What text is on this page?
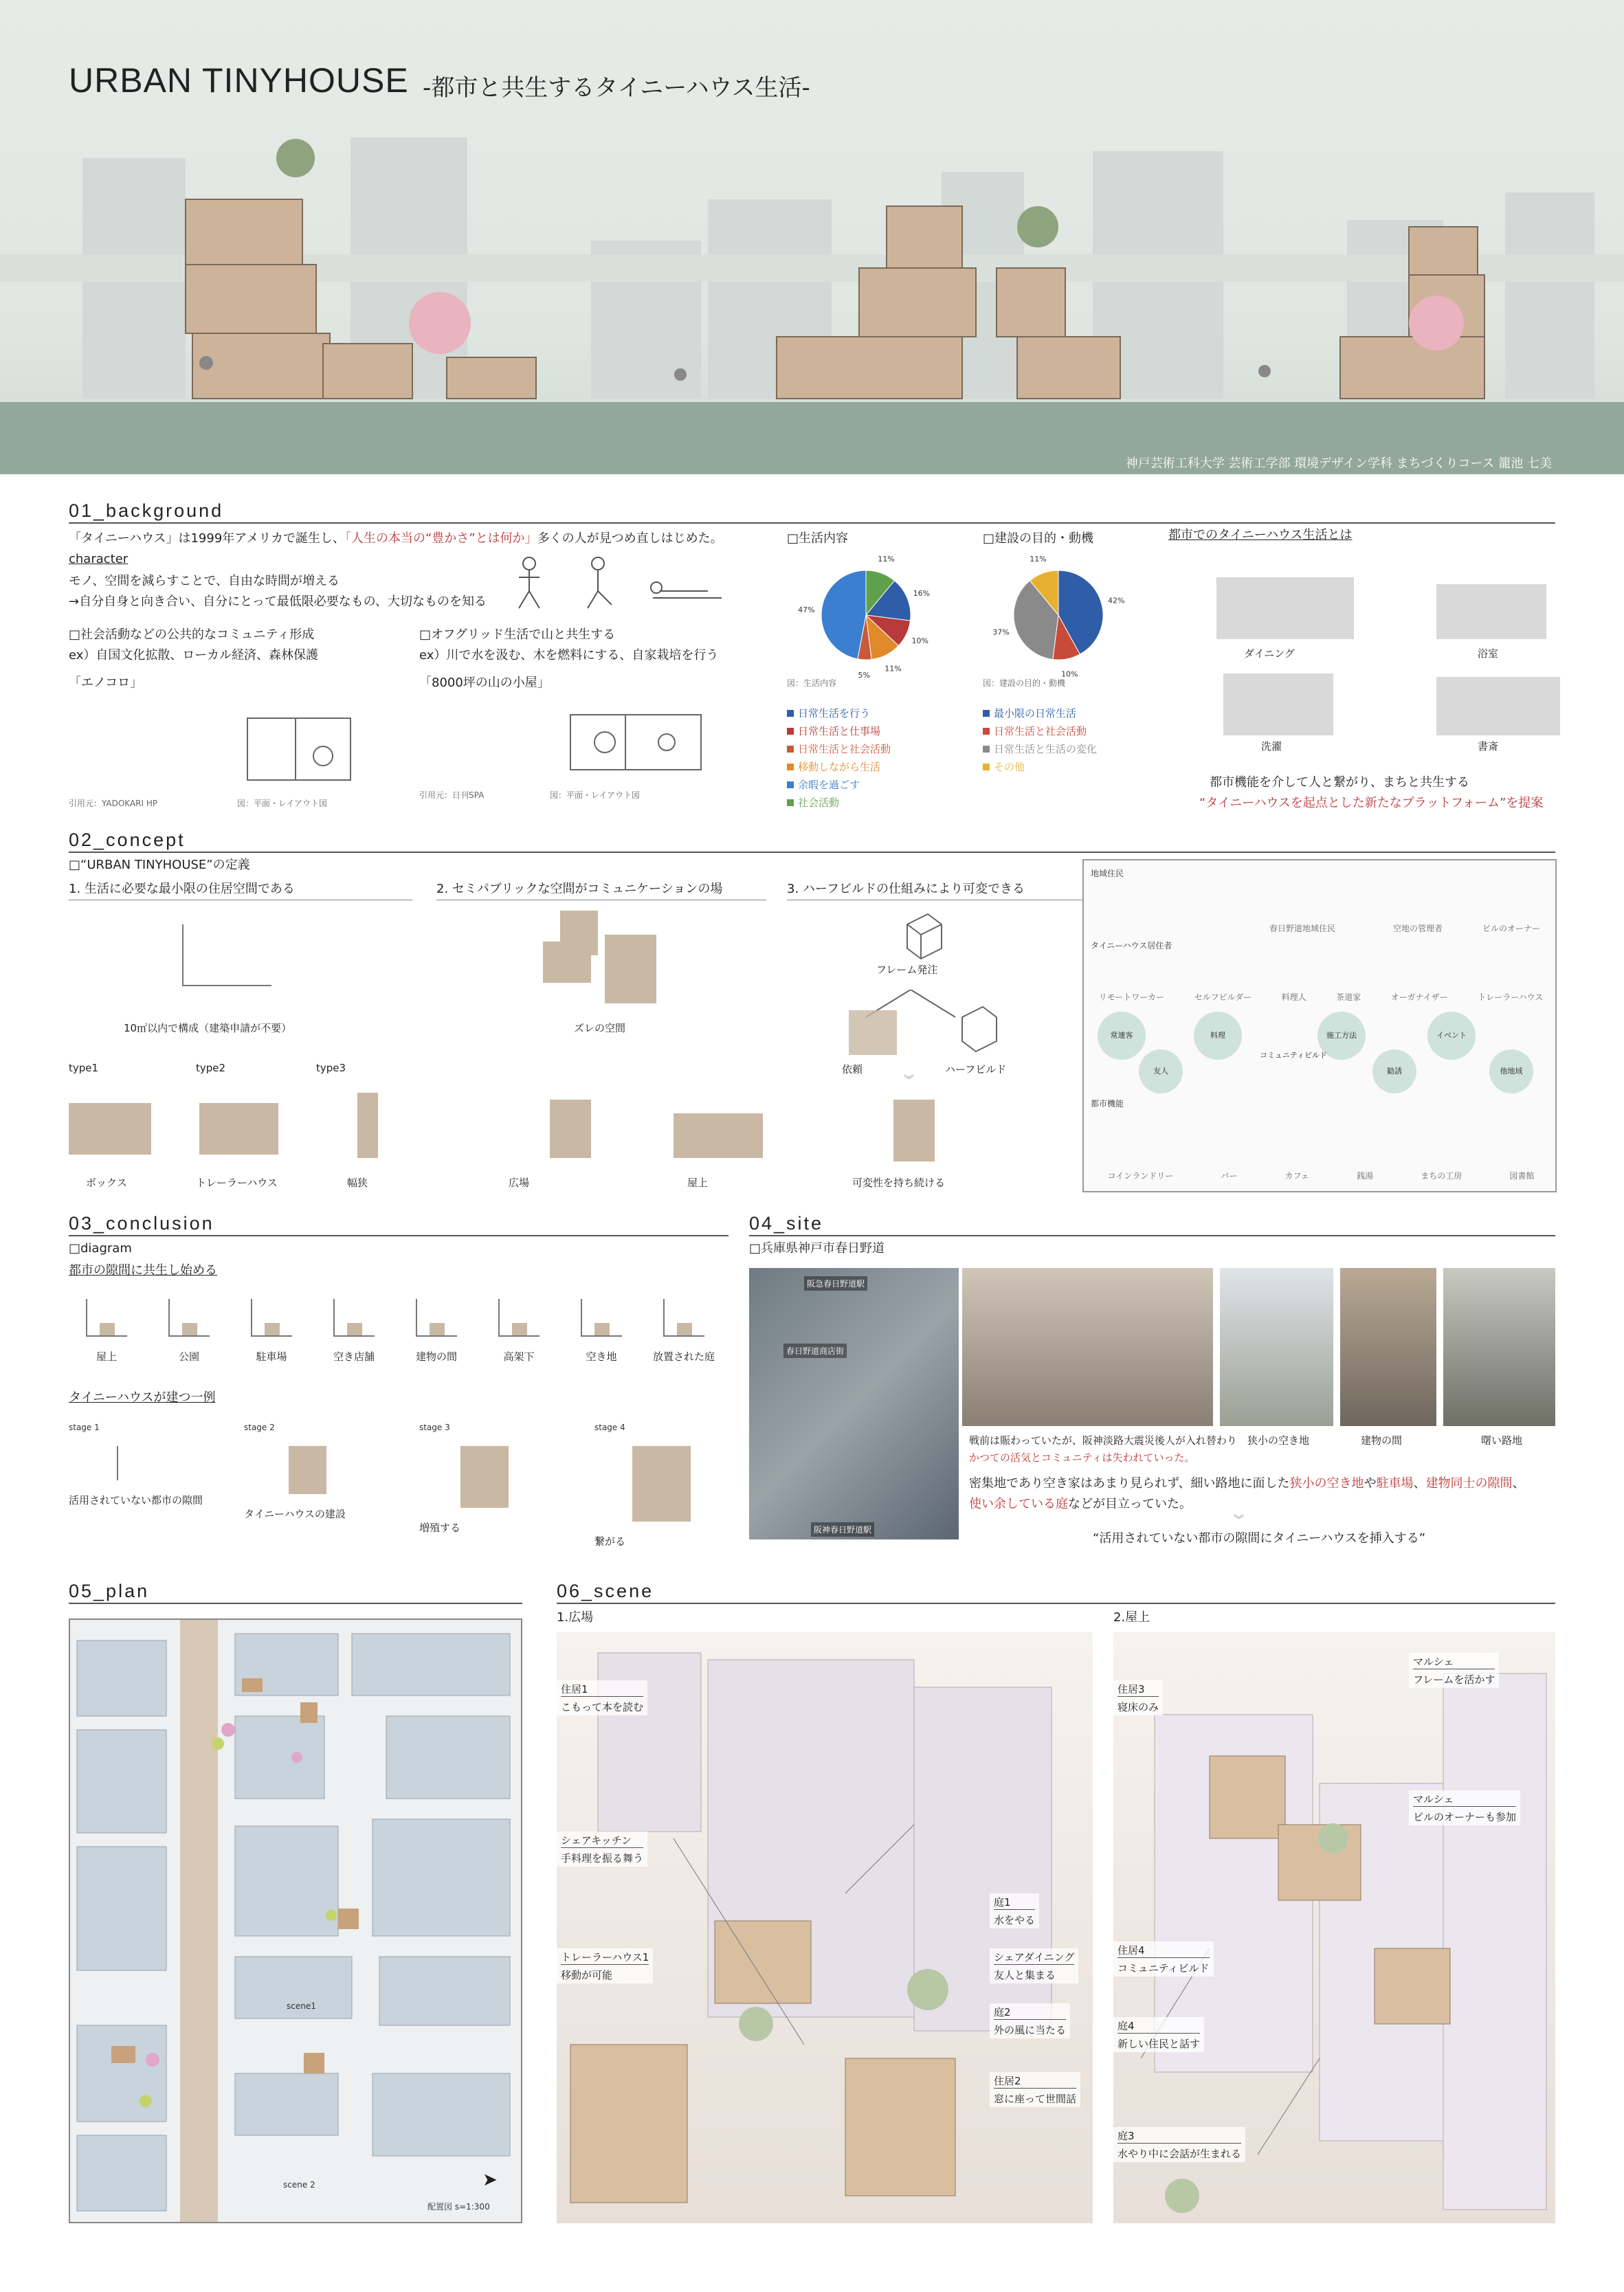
URBAN TINYHOUSE -都市と共生するタイニーハウス生活-
神戸芸術工科大学 芸術工学部 環境デザイン学科 まちづくりコース 籠池 七美
01_background
「タイニーハウス」は1999年アメリカで誕生し、「人生の本当の“豊かさ”とは何か」多くの人が見つめ直しはじめた。
character
モノ、空間を減らすことで、自由な時間が増える
→自分自身と向き合い、自分にとって最低限必要なもの、大切なものを知る
□社会活動などの公共的なコミュニティ形成
ex）自国文化拡散、ローカル経済、森林保護
□オフグリッド生活で山と共生する
ex）川で水を汲む、木を燃料にする、自家栽培を行う
「エノコロ」
引用元：YADOKARI HP	図：平面・レイアウト図
「8000坪の山の小屋」
引用元：日刊SPA	図：平面・レイアウト図
□生活内容
11%
16%
10%
11%
5%
47%
図：生活内容
日常生活を行う
日常生活と仕事場
日常生活と社会活動
移動しながら生活
余暇を過ごす
社会活動
□建設の目的・動機
42%
10%
37%
11%
図：建設の目的・動機
最小限の日常生活
日常生活と社会活動
日常生活と生活の変化
その他
都市でのタイニーハウス生活とは
ダイニング	浴室
洗濯	書斎
都市機能を介して人と繋がり、まちと共生する
“タイニーハウスを起点とした新たなプラットフォーム”を提案
02_concept
□“URBAN TINYHOUSE”の定義
1. 生活に必要な最小限の住居空間である	2. セミパブリックな空間がコミュニケーションの場	3. ハーフビルドの仕組みにより可変できる
10㎡以内で構成（建築申請が不要）
type1
ボックス
type2
トレーラーハウス
type3
幅狭
ズレの空間
広場	屋上
フレーム発注
依頼	ハーフビルド
︾
可変性を持ち続ける
地域住民
タイニーハウス居住者
都市機能
春日野道地域住民	空地の管理者	ビルのオーナー
リモートワーカー	セルフビルダー	料理人	茶道家	オーガナイザー	トレーラーハウス
常連客	料理	施工方法	イベント
友人
コミュニティビルド
勧誘	他地域
コインランドリー	バー	カフェ	銭湯	まちの工房	図書館
03_conclusion
□diagram
都市の隙間に共生し始める
屋上	公園	駐車場	空き店舗	建物の間	高架下	空き地	放置された庭
タイニーハウスが建つ一例
stage 1
活用されていない都市の隙間
stage 2
タイニーハウスの建設
stage 3
増殖する
stage 4
繋がる
04_site
□兵庫県神戸市春日野道
阪急春日野道駅
春日野道商店街
阪神春日野道駅
狭小の空き地	建物の間	曙い路地
戦前は賑わっていたが、阪神淡路大震災後人が入れ替わり
かつての活気とコミュニティは失われていった。
密集地であり空き家はあまり見られず、細い路地に面した狭小の空き地や駐車場、建物同士の隙間、
使い余している庭などが目立っていた。
︾
“活用されていない都市の隙間にタイニーハウスを挿入する”
05_plan
scene1
scene 2	➤
配置図 s=1:300
06_scene
1.広場	2.屋上
住居1
こもって本を読む
シェアキッチン
手料理を振る舞う
トレーラーハウス1
移動が可能
庭1
水をやる
シェアダイニング
友人と集まる
庭2
外の風に当たる
住居2
窓に座って世間話
住居3
寝床のみ
マルシェ
フレームを活かす
マルシェ
ビルのオーナーも参加
住居4
コミュニティビルド
庭4
新しい住民と話す
庭3
水やり中に会話が生まれる
